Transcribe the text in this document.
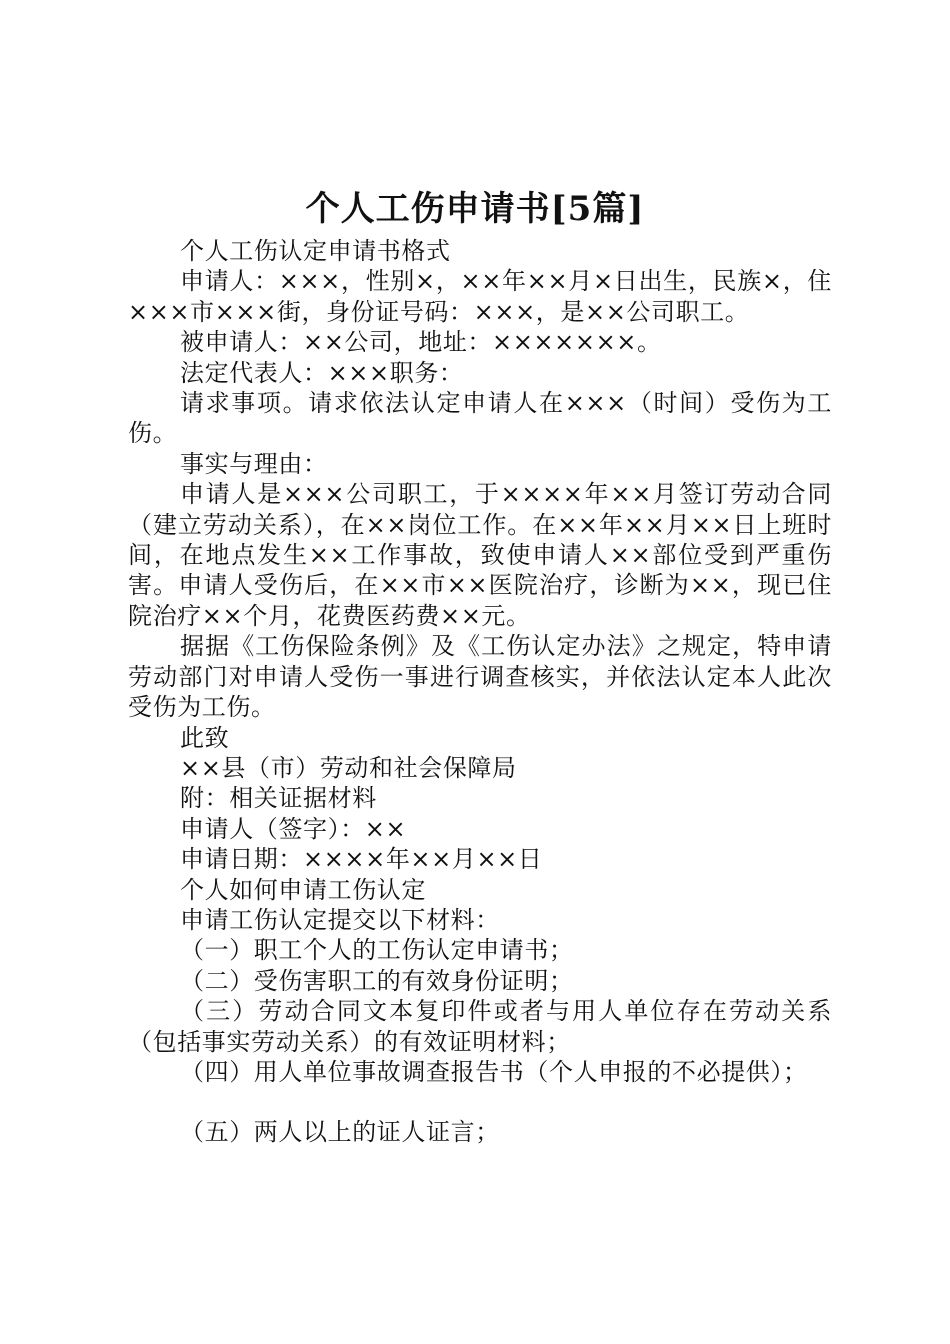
个人工伤申请书[5篇]

个人工伤认定申请书格式

申请人：×××，性别×，××年××月×日出生，民族×，住×××市×××街，身份证号码：×××，是××公司职工。

被申请人：××公司，地址：×××××××。

法定代表人：×××职务：

请求事项。请求依法认定申请人在×××（时间）受伤为工伤。

事实与理由：

申请人是×××公司职工，于××××年××月签订劳动合同（建立劳动关系），在××岗位工作。在××年××月××日上班时间，在地点发生××工作事故，致使申请人××部位受到严重伤害。申请人受伤后，在××市××医院治疗，诊断为××，现已住院治疗××个月，花费医药费××元。

据据《工伤保险条例》及《工伤认定办法》之规定，特申请劳动部门对申请人受伤一事进行调查核实，并依法认定本人此次受伤为工伤。

此致

××县（市）劳动和社会保障局

附：相关证据材料

申请人（签字）：××

申请日期：××××年××月××日

个人如何申请工伤认定

申请工伤认定提交以下材料：

（一）职工个人的工伤认定申请书；

（二）受伤害职工的有效身份证明；

（三）劳动合同文本复印件或者与用人单位存在劳动关系（包括事实劳动关系）的有效证明材料；

（四）用人单位事故调查报告书（个人申报的不必提供）；

（五）两人以上的证人证言；
